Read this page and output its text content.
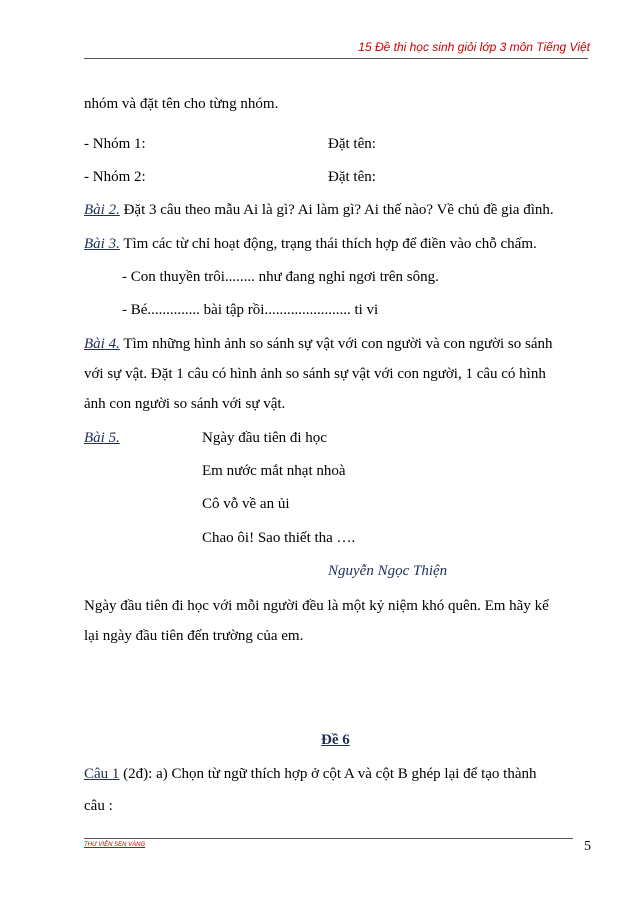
15 Đề thi học sinh giỏi lớp 3 môn Tiếng Việt
nhóm và đặt tên cho từng nhóm.
- Nhóm 1:	Đặt tên:
- Nhóm 2:	Đặt tên:
Bài 2. Đặt 3 câu theo mẫu Ai là gì? Ai làm gì? Ai thế nào? Về chủ đề gia đình.
Bài 3. Tìm các từ chỉ hoạt động, trạng thái thích hợp để điền vào chỗ chấm.
- Con thuyền trôi........ như đang nghỉ ngơi trên sông.
- Bé.............. bài tập rồi....................... ti vi
Bài 4. Tìm những hình ảnh so sánh sự vật với con người và con người so sánh
với sự vật. Đặt 1 câu có hình ảnh so sánh sự vật với con người, 1 câu có hình
ảnh con người so sánh với sự vật.
Bài 5.	Ngày đầu tiên đi học
Em nước mắt nhạt nhoà
Cô vỗ về an ủi
Chao ôi! Sao thiết tha ….
Nguyễn Ngọc Thiện
Ngày đầu tiên đi học với mỗi người đều là một kỷ niệm khó quên. Em hãy kể
lại ngày đầu tiên đến trường của em.
Đề 6
Câu 1 (2đ): a) Chọn từ ngữ thích hợp ở cột A và cột B ghép lại để tạo thành
câu :
THƯ VIỆN SEN VÀNG	5
